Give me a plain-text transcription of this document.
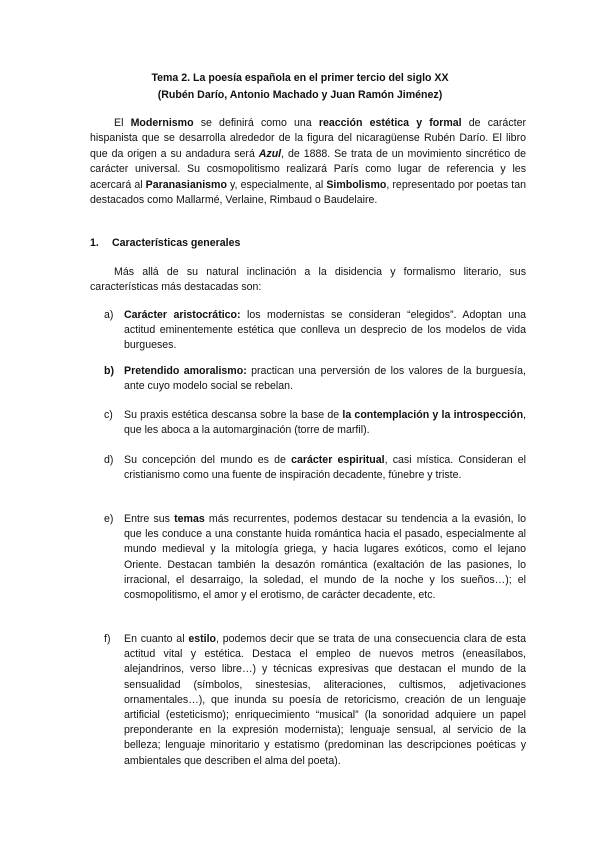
Tema 2. La poesía española en el primer tercio del siglo XX
(Rubén Darío, Antonio Machado y Juan Ramón Jiménez)

El Modernismo se definirá como una reacción estética y formal de carácter hispanista que se desarrolla alrededor de la figura del nicaragüense Rubén Darío. El libro que da origen a su andadura será Azul, de 1888. Se trata de un movimiento sincrético de carácter universal. Su cosmopolitismo realizará París como lugar de referencia y les acercará al Paranasianismo y, especialmente, al Simbolismo, representado por poetas tan destacados como Mallarmé, Verlaine, Rimbaud o Baudelaire.

1. Características generales

Más allá de su natural inclinación a la disidencia y formalismo literario, sus características más destacadas son:

a) Carácter aristocrático: los modernistas se consideran “elegidos”. Adoptan una actitud eminentemente estética que conlleva un desprecio de los modelos de vida burgueses.
b) Pretendido amoralismo: practican una perversión de los valores de la burguesía, ante cuyo modelo social se rebelan.
c) Su praxis estética descansa sobre la base de la contemplación y la introspección, que les aboca a la automarginación (torre de marfil).
d) Su concepción del mundo es de carácter espiritual, casi mística. Consideran el cristianismo como una fuente de inspiración decadente, fúnebre y triste.
e) Entre sus temas más recurrentes, podemos destacar su tendencia a la evasión, lo que les conduce a una constante huida romántica hacia el pasado, especialmente al mundo medieval y la mitología griega, y hacia lugares exóticos, como el lejano Oriente. Destacan también la desazón romántica (exaltación de las pasiones, lo irracional, el desarraigo, la soledad, el mundo de la noche y los sueños…); el cosmopolitismo, el amor y el erotismo, de carácter decadente, etc.
f) En cuanto al estilo, podemos decir que se trata de una consecuencia clara de esta actitud vital y estética. Destaca el empleo de nuevos metros (eneasílabos, alejandrinos, verso libre…) y técnicas expresivas que destacan el mundo de la sensualidad (símbolos, sinestesias, aliteraciones, cultismos, adjetivaciones ornamentales…), que inunda su poesía de retoricismo, creación de un lenguaje artificial (esteticismo); enriquecimiento “musical” (la sonoridad adquiere un papel preponderante en la expresión modernista); lenguaje sensual, al servicio de la belleza; lenguaje minoritario y estatismo (predominan las descripciones poéticas y ambientales que describen el alma del poeta).
